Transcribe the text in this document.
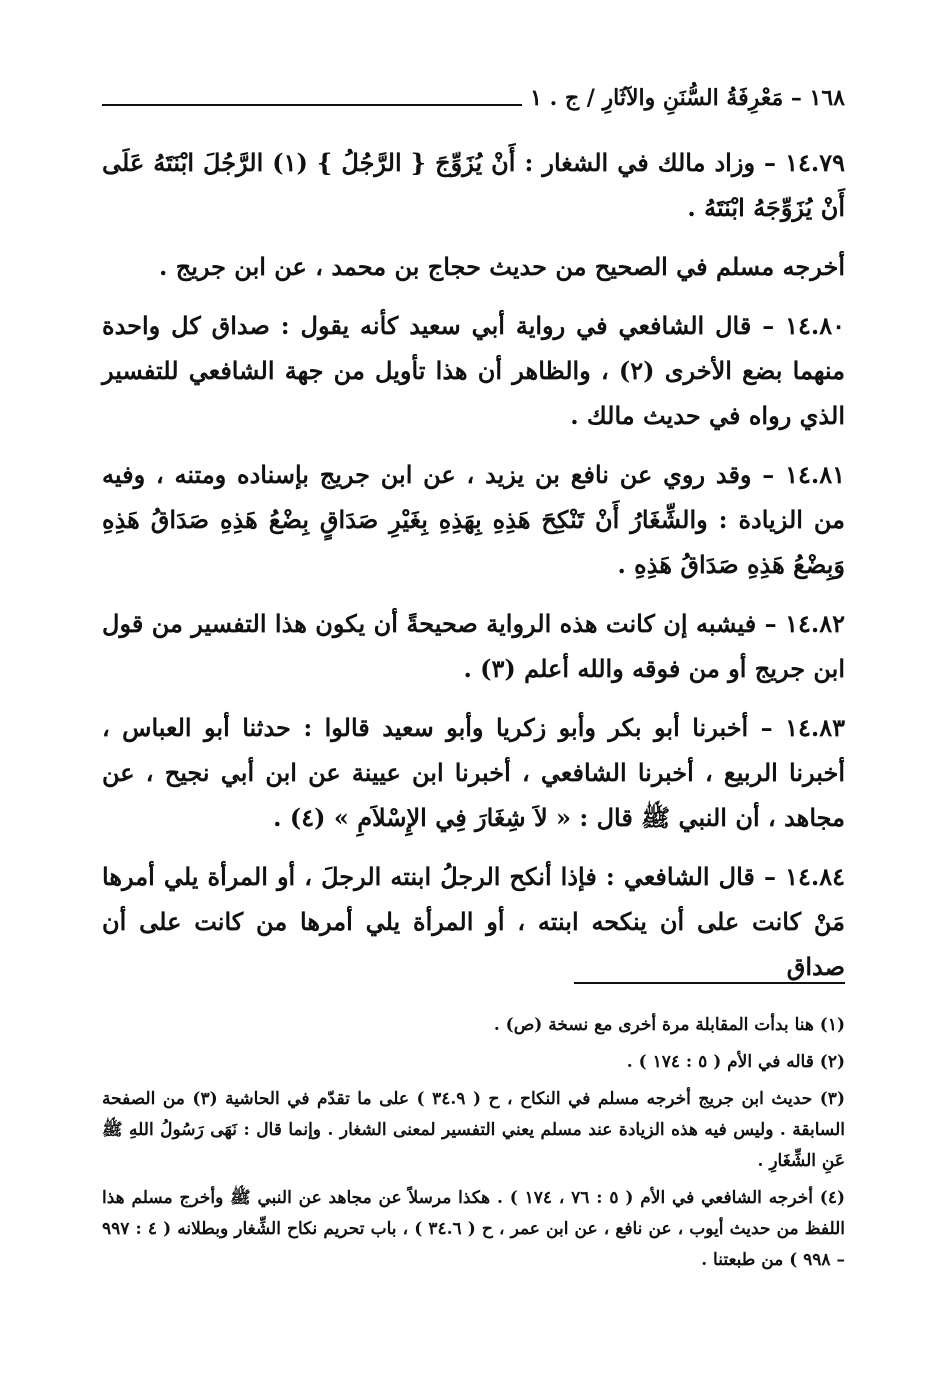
١٦٨ – مَعْرِفَةُ السُّنَنِ والآثَارِ / ج . ١

١٤.٧٩ – وزاد مالك في الشغار : أَنْ يُزَوِّجَ { الرَّجُلُ } (١) الرَّجُلَ ابْنَتَهُ عَلَى أَنْ يُزَوِّجَهُ ابْنَتَهُ .

أخرجه مسلم في الصحيح من حديث حجاج بن محمد ، عن ابن جريج .

١٤.٨٠ – قال الشافعي في رواية أبي سعيد كأنه يقول : صداق كل واحدة منهما بضع الأخرى (٢) ، والظاهر أن هذا تأويل من جهة الشافعي للتفسير الذي رواه في حديث مالك .

١٤.٨١ – وقد روي عن نافع بن يزيد ، عن ابن جريج بإسناده ومتنه ، وفيه من الزيادة : والشِّغَارُ أَنْ تَنْكِحَ هَذِهِ بِهَذِهِ بِغَيْرِ صَدَاقٍ بِضْعُ هَذِهِ صَدَاقُ هَذِهِ وَبِضْعُ هَذِهِ صَدَاقُ هَذِهِ .

١٤.٨٢ – فيشبه إن كانت هذه الرواية صحيحةً أن يكون هذا التفسير من قول ابن جريج أو من فوقه والله أعلم (٣) .

١٤.٨٣ – أخبرنا أبو بكر وأبو زكريا وأبو سعيد قالوا : حدثنا أبو العباس ، أخبرنا الربيع ، أخبرنا الشافعي ، أخبرنا ابن عيينة عن ابن أبي نجيح ، عن مجاهد ، أن النبي ﷺ قال : « لاَ شِغَارَ فِي الإِسْلاَمِ » (٤) .

١٤.٨٤ – قال الشافعي : فإذا أنكح الرجلُ ابنته الرجلَ ، أو المرأة يلي أمرها مَنْ كانت على أن ينكحه ابنته ، أو المرأة يلي أمرها من كانت على أن صداق

(١) هنا بدأت المقابلة مرة أخرى مع نسخة (ص) .

(٢) قاله في الأم ( ٥ : ١٧٤ ) .

(٣) حديث ابن جريج أخرجه مسلم في النكاح ، ح ( ٣٤.٩ ) على ما تقدّم في الحاشية (٣) من الصفحة السابقة . وليس فيه هذه الزيادة عند مسلم يعني التفسير لمعنى الشغار . وإنما قال : نَهَى رَسُولُ اللهِ ﷺ عَنِ الشِّغَارِ .

(٤) أخرجه الشافعي في الأم ( ٥ : ٧٦ ، ١٧٤ ) . هكذا مرسلاً عن مجاهد عن النبي ﷺ وأخرج مسلم هذا اللفظ من حديث أيوب ، عن نافع ، عن ابن عمر ، ح ( ٣٤.٦ ) ، باب تحريم نكاح الشِّغار وبطلانه ( ٤ : ٩٩٧ – ٩٩٨ ) من طبعتنا .
